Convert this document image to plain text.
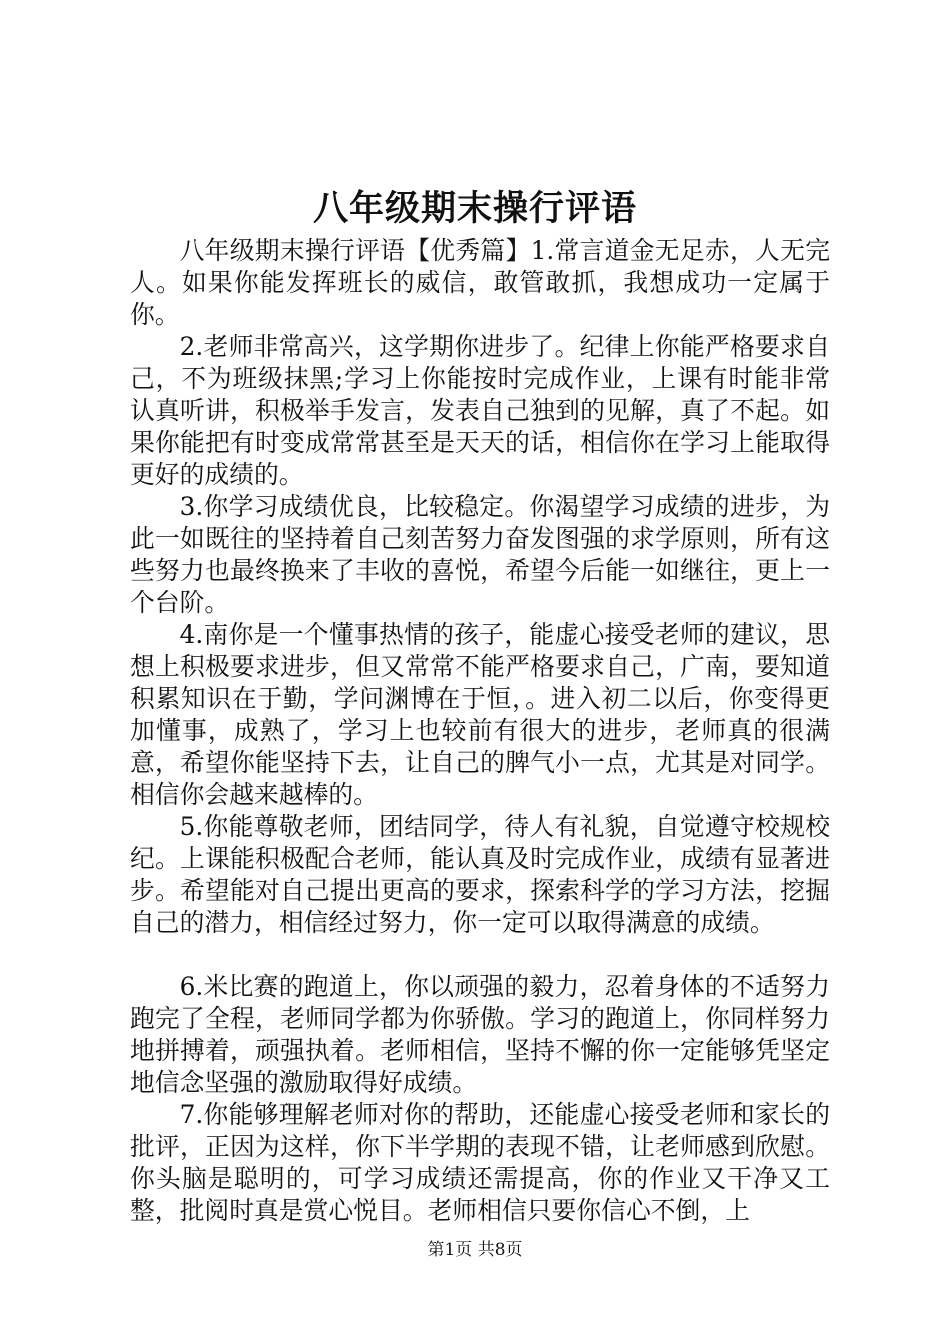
八年级期末操行评语

八年级期末操行评语【优秀篇】1.常言道金无足赤，人无完人。如果你能发挥班长的威信，敢管敢抓，我想成功一定属于你。

2.老师非常高兴，这学期你进步了。纪律上你能严格要求自己，不为班级抹黑;学习上你能按时完成作业，上课有时能非常认真听讲，积极举手发言，发表自己独到的见解，真了不起。如果你能把有时变成常常甚至是天天的话，相信你在学习上能取得更好的成绩的。

3.你学习成绩优良，比较稳定。你渴望学习成绩的进步，为此一如既往的坚持着自己刻苦努力奋发图强的求学原则，所有这些努力也最终换来了丰收的喜悦，希望今后能一如继往，更上一个台阶。

4.南你是一个懂事热情的孩子，能虚心接受老师的建议，思想上积极要求进步，但又常常不能严格要求自己，广南，要知道积累知识在于勤，学问渊博在于恒，。进入初二以后，你变得更加懂事，成熟了，学习上也较前有很大的进步，老师真的很满意，希望你能坚持下去，让自己的脾气小一点，尤其是对同学。相信你会越来越棒的。

5.你能尊敬老师，团结同学，待人有礼貌，自觉遵守校规校纪。上课能积极配合老师，能认真及时完成作业，成绩有显著进步。希望能对自己提出更高的要求，探索科学的学习方法，挖掘自己的潜力，相信经过努力，你一定可以取得满意的成绩。

6.米比赛的跑道上，你以顽强的毅力，忍着身体的不适努力跑完了全程，老师同学都为你骄傲。学习的跑道上，你同样努力地拼搏着，顽强执着。老师相信，坚持不懈的你一定能够凭坚定地信念坚强的激励取得好成绩。

7.你能够理解老师对你的帮助，还能虚心接受老师和家长的批评，正因为这样，你下半学期的表现不错，让老师感到欣慰。你头脑是聪明的，可学习成绩还需提高，你的作业又干净又工整，批阅时真是赏心悦目。老师相信只要你信心不倒，上

第1页 共8页
